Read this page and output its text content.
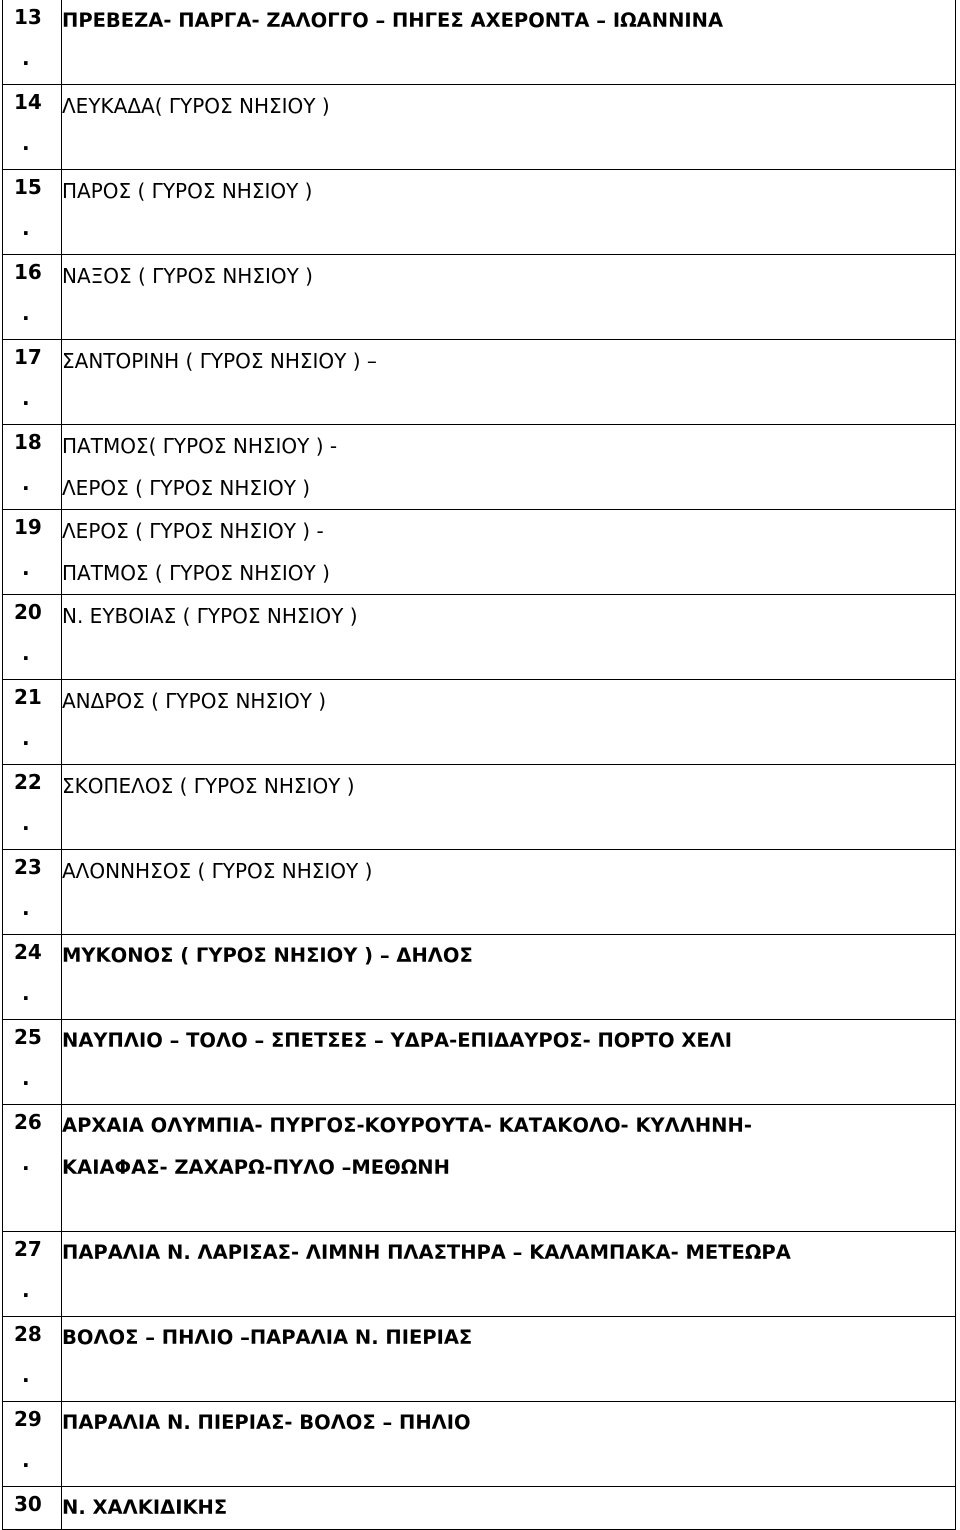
13
.	ΠΡΕΒΕΖΑ- ΠΑΡΓΑ- ΖΑΛΟΓΓΟ – ΠΗΓΕΣ ΑΧΕΡΟΝΤΑ – ΙΩΑΝΝΙΝΑ

14
.	ΛΕΥΚΑΔΑ( ΓΥΡΟΣ ΝΗΣΙΟΥ )

15
.	ΠΑΡΟΣ ( ΓΥΡΟΣ ΝΗΣΙΟΥ )

16
.	ΝΑΞΟΣ ( ΓΥΡΟΣ ΝΗΣΙΟΥ )

17
.	ΣΑΝΤΟΡΙΝΗ ( ΓΥΡΟΣ ΝΗΣΙΟΥ ) –

18
.	ΠΑΤΜΟΣ( ΓΥΡΟΣ ΝΗΣΙΟΥ ) -
ΛΕΡΟΣ ( ΓΥΡΟΣ ΝΗΣΙΟΥ )

19
.	ΛΕΡΟΣ ( ΓΥΡΟΣ ΝΗΣΙΟΥ ) -
ΠΑΤΜΟΣ ( ΓΥΡΟΣ ΝΗΣΙΟΥ )

20
.	Ν. ΕΥΒΟΙΑΣ ( ΓΥΡΟΣ ΝΗΣΙΟΥ )

21
.	ΑΝΔΡΟΣ ( ΓΥΡΟΣ ΝΗΣΙΟΥ )

22
.	ΣΚΟΠΕΛΟΣ ( ΓΥΡΟΣ ΝΗΣΙΟΥ )

23
.	ΑΛΟΝΝΗΣΟΣ ( ΓΥΡΟΣ ΝΗΣΙΟΥ )

24
.	ΜΥΚΟΝΟΣ ( ΓΥΡΟΣ ΝΗΣΙΟΥ ) – ΔΗΛΟΣ

25
.	ΝΑΥΠΛΙΟ – ΤΟΛΟ – ΣΠΕΤΣΕΣ – ΥΔΡΑ-ΕΠΙΔΑΥΡΟΣ- ΠΟΡΤΟ ΧΕΛΙ

26
.	ΑΡΧΑΙΑ ΟΛΥΜΠΙΑ- ΠΥΡΓΟΣ-ΚΟΥΡΟΥΤΑ- ΚΑΤΑΚΟΛΟ- ΚΥΛΛΗΝΗ-
ΚΑΙΑΦΑΣ- ΖΑΧΑΡΩ-ΠΥΛΟ –ΜΕΘΩΝΗ

27
.	ΠΑΡΑΛΙΑ Ν. ΛΑΡΙΣΑΣ- ΛΙΜΝΗ ΠΛΑΣΤΗΡΑ – ΚΑΛΑΜΠΑΚΑ- ΜΕΤΕΩΡΑ

28
.	ΒΟΛΟΣ – ΠΗΛΙΟ –ΠΑΡΑΛΙΑ Ν. ΠΙΕΡΙΑΣ

29
.	ΠΑΡΑΛΙΑ Ν. ΠΙΕΡΙΑΣ- ΒΟΛΟΣ – ΠΗΛΙΟ

30	Ν. ΧΑΛΚΙΔΙΚΗΣ
